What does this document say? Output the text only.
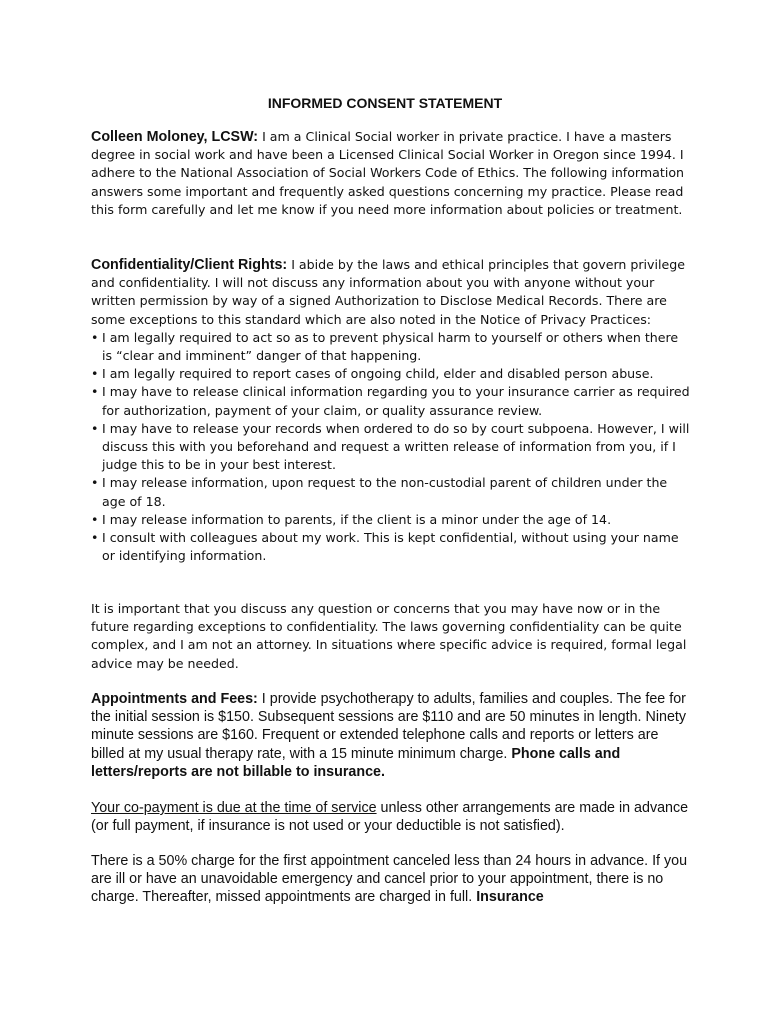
INFORMED CONSENT STATEMENT

Colleen Moloney, LCSW: I am a Clinical Social worker in private practice. I have a masters degree in social work and have been a Licensed Clinical Social Worker in Oregon since 1994. I adhere to the National Association of Social Workers Code of Ethics. The following information answers some important and frequently asked questions concerning my practice. Please read this form carefully and let me know if you need more information about policies or treatment.

Confidentiality/Client Rights: I abide by the laws and ethical principles that govern privilege and confidentiality. I will not discuss any information about you with anyone without your written permission by way of a signed Authorization to Disclose Medical Records. There are some exceptions to this standard which are also noted in the Notice of Privacy Practices:

• I am legally required to act so as to prevent physical harm to yourself or others when there is “clear and imminent” danger of that happening.
• I am legally required to report cases of ongoing child, elder and disabled person abuse.
• I may have to release clinical information regarding you to your insurance carrier as required for authorization, payment of your claim, or quality assurance review.
• I may have to release your records when ordered to do so by court subpoena. However, I will discuss this with you beforehand and request a written release of information from you, if I judge this to be in your best interest.
• I may release information, upon request to the non-custodial parent of children under the age of 18.
• I may release information to parents, if the client is a minor under the age of 14.
• I consult with colleagues about my work. This is kept confidential, without using your name or identifying information.

It is important that you discuss any question or concerns that you may have now or in the future regarding exceptions to confidentiality. The laws governing confidentiality can be quite complex, and I am not an attorney. In situations where specific advice is required, formal legal advice may be needed.

Appointments and Fees: I provide psychotherapy to adults, families and couples. The fee for the initial session is $150. Subsequent sessions are $110 and are 50 minutes in length. Ninety minute sessions are $160. Frequent or extended telephone calls and reports or letters are billed at my usual therapy rate, with a 15 minute minimum charge. Phone calls and letters/reports are not billable to insurance.

Your co-payment is due at the time of service unless other arrangements are made in advance (or full payment, if insurance is not used or your deductible is not satisfied).

There is a 50% charge for the first appointment canceled less than 24 hours in advance. If you are ill or have an unavoidable emergency and cancel prior to your appointment, there is no charge. Thereafter, missed appointments are charged in full. Insurance
